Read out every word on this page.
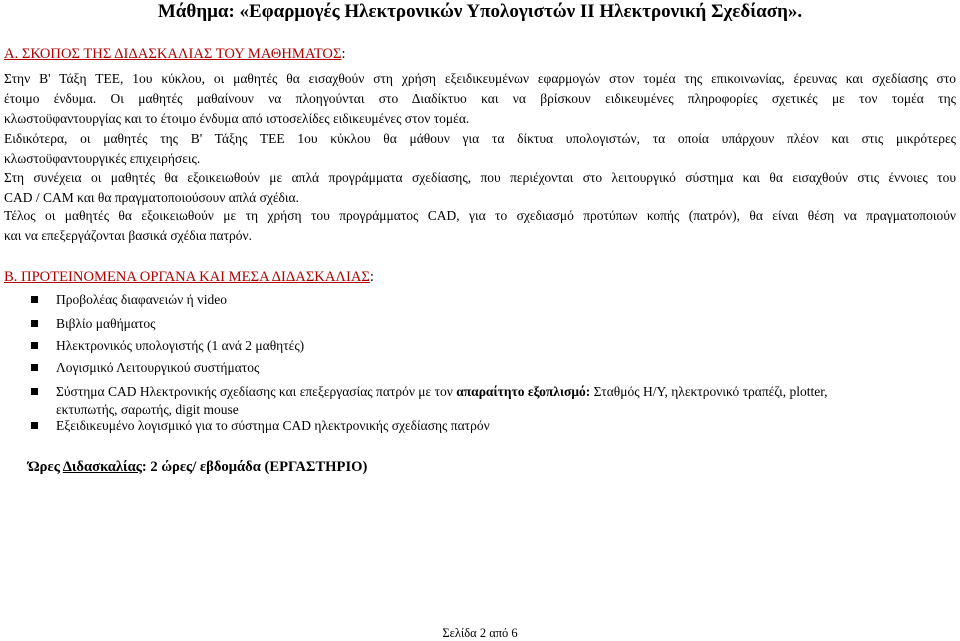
Μάθημα: «Εφαρμογές Ηλεκτρονικών Υπολογιστών ΙΙ Ηλεκτρονική Σχεδίαση».
Α. ΣΚΟΠΟΣ ΤΗΣ ΔΙΔΑΣΚΑΛΙΑΣ ΤΟΥ ΜΑΘΗΜΑΤΟΣ:
Στην Β' Τάξη ΤΕΕ, 1ου κύκλου, οι μαθητές θα εισαχθούν στη χρήση εξειδικευμένων εφαρμογών στον τομέα της επικοινωνίας, έρευνας και σχεδίασης στο
έτοιμο ένδυμα. Οι μαθητές μαθαίνουν να πλοηγούνται στο Διαδίκτυο και να βρίσκουν ειδικευμένες πληροφορίες σχετικές με τον τομέα της
κλωστοϋφαντουργίας και το έτοιμο ένδυμα από ιστοσελίδες ειδικευμένες στον τομέα.
Ειδικότερα, οι μαθητές της Β' Τάξης ΤΕΕ 1ου κύκλου θα μάθουν για τα δίκτυα υπολογιστών, τα οποία υπάρχουν πλέον και στις μικρότερες
κλωστοϋφαντουργικές επιχειρήσεις.
Στη συνέχεια οι μαθητές θα εξοικειωθούν με απλά προγράμματα σχεδίασης, που περιέχονται στο λειτουργικό σύστημα και θα εισαχθούν στις έννοιες του
CAD / CAM και θα πραγματοποιούσουν απλά σχέδια.
Τέλος οι μαθητές θα εξοικειωθούν με τη χρήση του προγράμματος CAD, για το σχεδιασμό προτύπων κοπής (πατρόν), θα είναι θέση να πραγματοποιούν
και να επεξεργάζονται βασικά σχέδια πατρόν.
Β. ΠΡΟΤΕΙΝΟΜΕΝΑ ΟΡΓΑΝΑ ΚΑΙ ΜΕΣΑ ΔΙΔΑΣΚΑΛΙΑΣ:
Προβολέας διαφανειών ή video
Βιβλίο μαθήματος
Ηλεκτρονικός υπολογιστής (1 ανά 2 μαθητές)
Λογισμικό Λειτουργικού συστήματος
Σύστημα CAD Ηλεκτρονικής σχεδίασης και επεξεργασίας πατρόν με τον απαραίτητο εξοπλισμό: Σταθμός Η/Υ, ηλεκτρονικό τραπέζι, plotter,
εκτυπωτής, σαρωτής, digit mouse
Εξειδικευμένο λογισμικό για το σύστημα CAD ηλεκτρονικής σχεδίασης πατρόν
Ώρες Διδασκαλίας: 2 ώρες/ εβδομάδα (ΕΡΓΑΣΤΗΡΙΟ)
Σελίδα 2 από 6
